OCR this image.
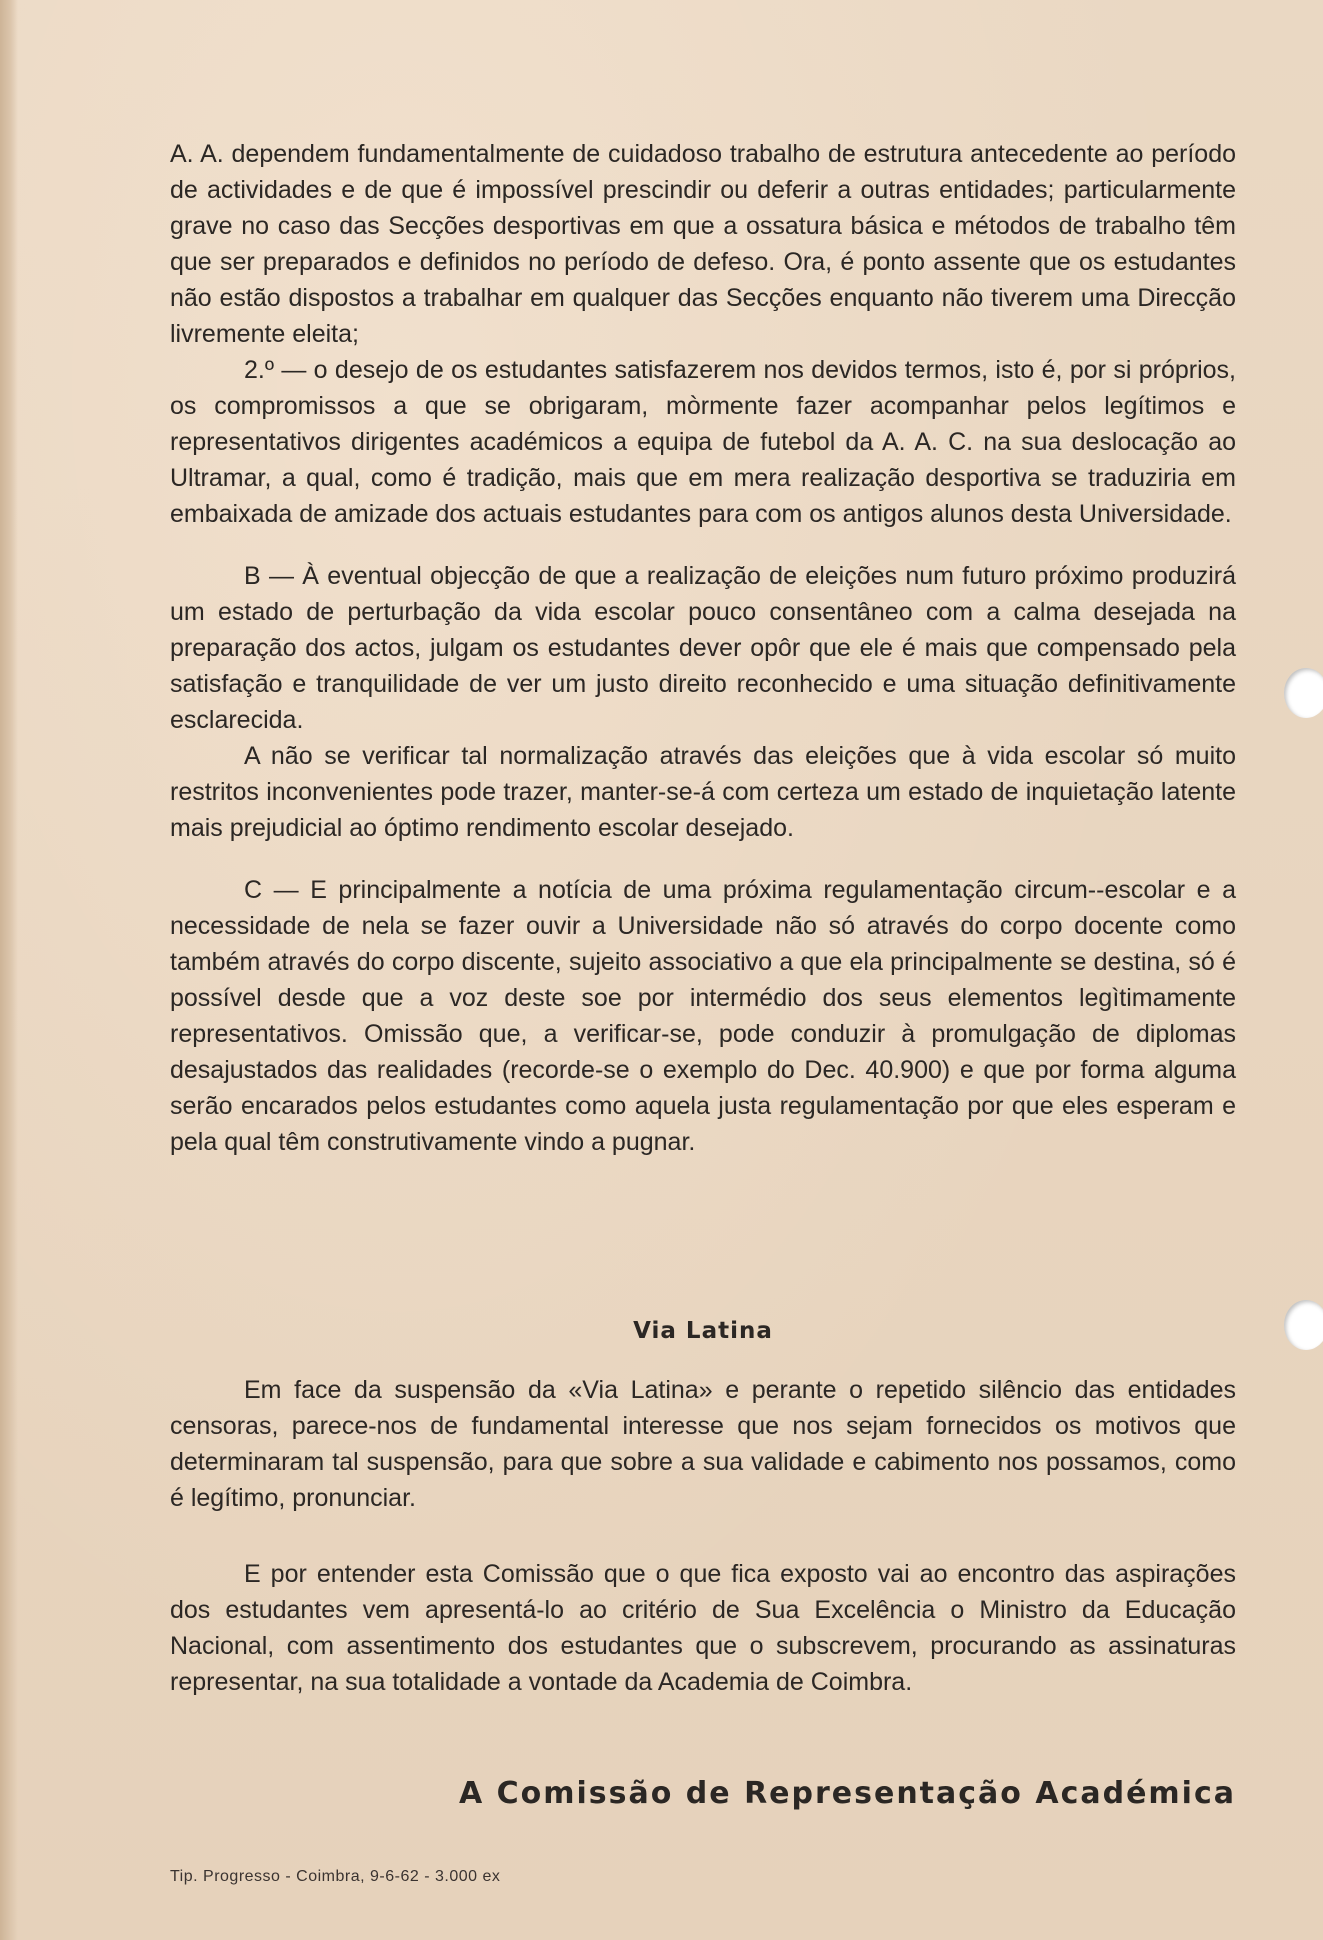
A. A. dependem fundamentalmente de cuidadoso trabalho de estrutura antecedente ao período de actividades e de que é impossível prescindir ou deferir a outras entidades; particularmente grave no caso das Secções desportivas em que a ossatura básica e métodos de trabalho têm que ser preparados e definidos no período de defeso. Ora, é ponto assente que os estudantes não estão dispostos a trabalhar em qualquer das Secções enquanto não tiverem uma Direcção livremente eleita;

2.º — o desejo de os estudantes satisfazerem nos devidos termos, isto é, por si próprios, os compromissos a que se obrigaram, mòrmente fazer acompanhar pelos legítimos e representativos dirigentes académicos a equipa de futebol da A. A. C. na sua deslocação ao Ultramar, a qual, como é tradição, mais que em mera realização desportiva se traduziria em embaixada de amizade dos actuais estudantes para com os antigos alunos desta Universidade.

B — À eventual objecção de que a realização de eleições num futuro próximo produzirá um estado de perturbação da vida escolar pouco consentâneo com a calma desejada na preparação dos actos, julgam os estudantes dever opôr que ele é mais que compensado pela satisfação e tranquilidade de ver um justo direito reconhecido e uma situação definitivamente esclarecida.

A não se verificar tal normalização através das eleições que à vida escolar só muito restritos inconvenientes pode trazer, manter-se-á com certeza um estado de inquietação latente mais prejudicial ao óptimo rendimento escolar desejado.

C — E principalmente a notícia de uma próxima regulamentação circum--escolar e a necessidade de nela se fazer ouvir a Universidade não só através do corpo docente como também através do corpo discente, sujeito associativo a que ela principalmente se destina, só é possível desde que a voz deste soe por intermédio dos seus elementos legìtimamente representativos. Omissão que, a verificar-se, pode conduzir à promulgação de diplomas desajustados das realidades (recorde-se o exemplo do Dec. 40.900) e que por forma alguma serão encarados pelos estudantes como aquela justa regulamentação por que eles esperam e pela qual têm construtivamente vindo a pugnar.

Via Latina

Em face da suspensão da «Via Latina» e perante o repetido silêncio das entidades censoras, parece-nos de fundamental interesse que nos sejam fornecidos os motivos que determinaram tal suspensão, para que sobre a sua validade e cabimento nos possamos, como é legítimo, pronunciar.

E por entender esta Comissão que o que fica exposto vai ao encontro das aspirações dos estudantes vem apresentá-lo ao critério de Sua Excelência o Ministro da Educação Nacional, com assentimento dos estudantes que o subscrevem, procurando as assinaturas representar, na sua totalidade a vontade da Academia de Coimbra.

A Comissão de Representação Académica
Tip. Progresso - Coimbra, 9-6-62 - 3.000 ex
